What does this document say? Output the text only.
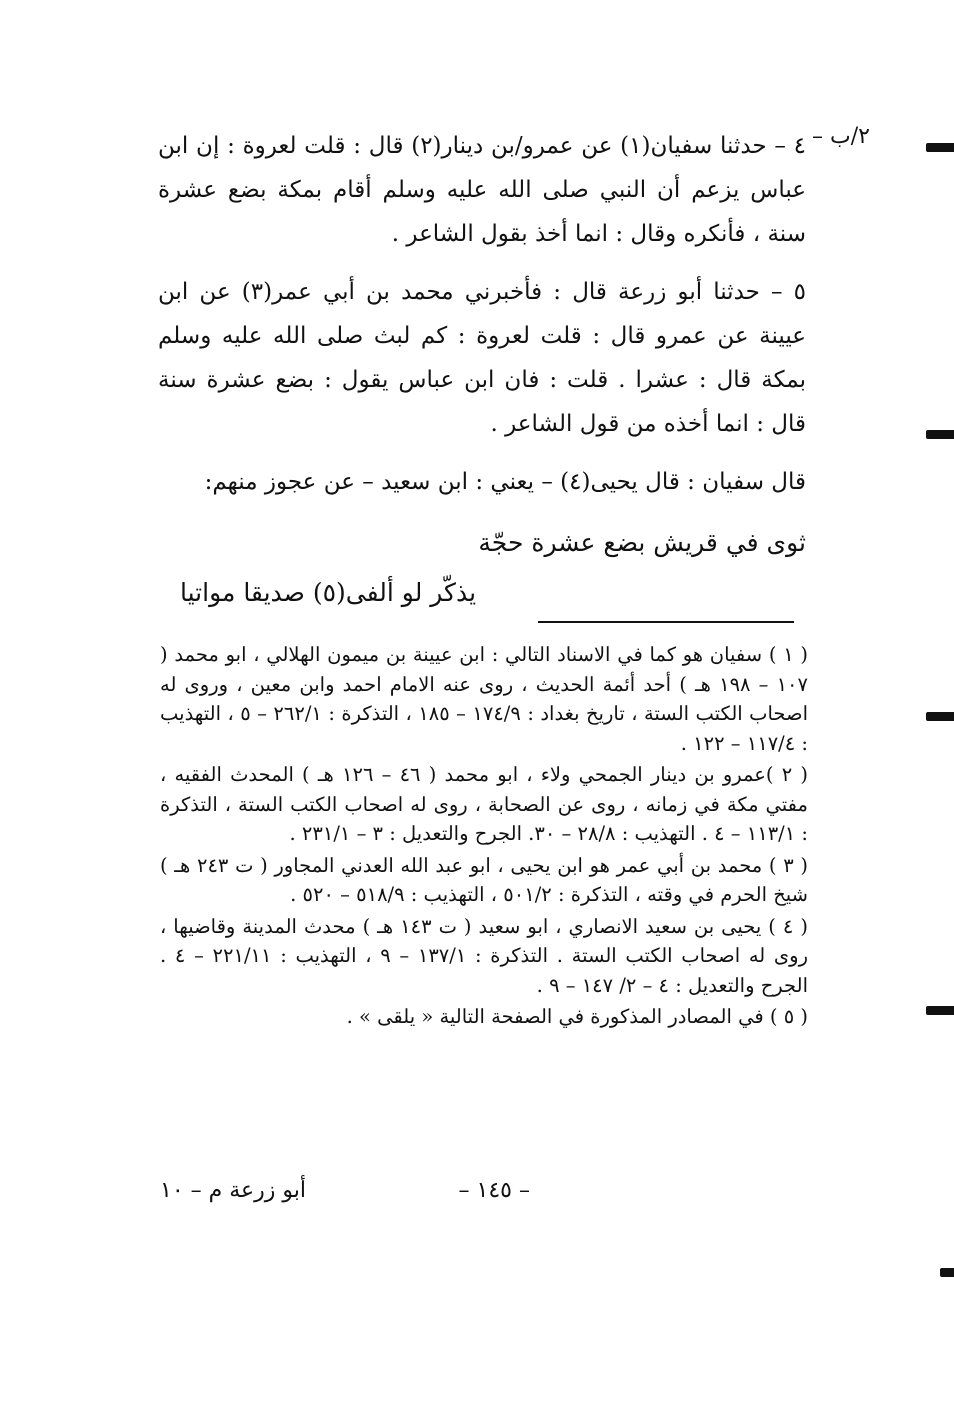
٢/ب –

٤ – حدثنا سفيان(١) عن عمرو/بن دينار(٢) قال : قلت لعروة : إن ابن عباس يزعم أن النبي صلى الله عليه وسلم أقام بمكة بضع عشرة سنة ، فأنكره وقال : انما أخذ بقول الشاعر .

٥ – حدثنا أبو زرعة قال : فأخبرني محمد بن أبي عمر(٣) عن ابن عيينة عن عمرو قال : قلت لعروة : كم لبث صلى الله عليه وسلم بمكة قال : عشرا . قلت : فان ابن عباس يقول : بضع عشرة سنة قال : انما أخذه من قول الشاعر .

قال سفيان : قال يحيى(٤) – يعني : ابن سعيد – عن عجوز منهم:

ثوى في قريش بضع عشرة حجّة
يذكّر لو ألفى(٥) صديقا مواتيا

( ١ ) سفيان هو كما في الاسناد التالي : ابن عيينة بن ميمون الهلالي ، ابو محمد ( ١٠٧ – ١٩٨ هـ ) أحد أئمة الحديث ، روى عنه الامام احمد وابن معين ، وروى له اصحاب الكتب الستة ، تاريخ بغداد : ١٧٤/٩ – ١٨٥ ، التذكرة : ٢٦٢/١ – ٥ ، التهذيب : ١١٧/٤ – ١٢٢ .

( ٢ )عمرو بن دينار الجمحي ولاء ، ابو محمد ( ٤٦ – ١٢٦ هـ ) المحدث الفقيه ، مفتي مكة في زمانه ، روى عن الصحابة ، روى له اصحاب الكتب الستة ، التذكرة : ١١٣/١ – ٤ . التهذيب : ٢٨/٨ – ٣٠. الجرح والتعديل : ٣ – ٢٣١/١ .

( ٣ ) محمد بن أبي عمر هو ابن يحيى ، ابو عبد الله العدني المجاور ( ت ٢٤٣ هـ ) شيخ الحرم في وقته ، التذكرة : ٥٠١/٢ ، التهذيب : ٥١٨/٩ – ٥٢٠ .

( ٤ ) يحيى بن سعيد الانصاري ، ابو سعيد ( ت ١٤٣ هـ ) محدث المدينة وقاضيها ، روى له اصحاب الكتب الستة . التذكرة : ١٣٧/١ – ٩ ، التهذيب : ٢٢١/١١ – ٤ . الجرح والتعديل : ٤ – ٢/ ١٤٧ – ٩ .

( ٥ ) في المصادر المذكورة في الصفحة التالية « يلقى » .

– ١٤٥ –
أبو زرعة م – ١٠
